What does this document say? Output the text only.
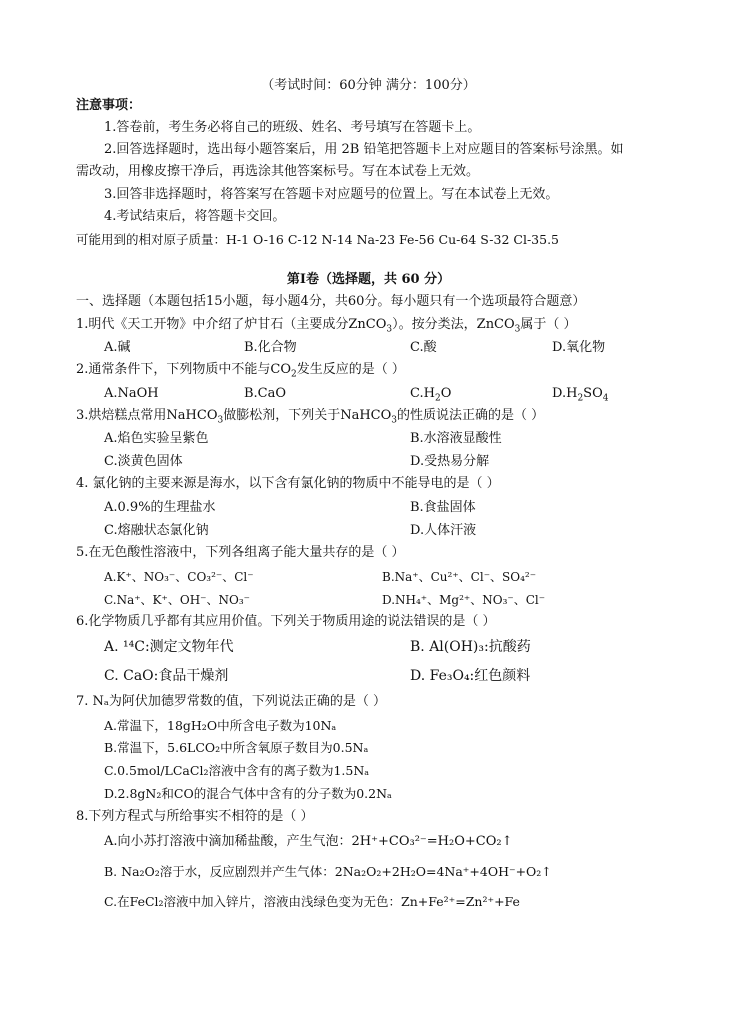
（考试时间：60分钟 满分：100分）
注意事项：
1.答卷前，考生务必将自己的班级、姓名、考号填写在答题卡上。
2.回答选择题时，选出每小题答案后，用 2B 铅笔把答题卡上对应题目的答案标号涂黑。如
需改动，用橡皮擦干净后，再选涂其他答案标号。写在本试卷上无效。
3.回答非选择题时，将答案写在答题卡对应题号的位置上。写在本试卷上无效。
4.考试结束后，将答题卡交回。
可能用到的相对原子质量：H-1 O-16 C-12 N-14 Na-23 Fe-56 Cu-64 S-32 Cl-35.5
第Ⅰ卷（选择题，共 60 分）
一、选择题（本题包括15小题，每小题4分，共60分。每小题只有一个选项最符合题意）
1.明代《天工开物》中介绍了炉甘石（主要成分ZnCO$_3$）。按分类法，ZnCO$_3$属于（ ）
A.碱	B.化合物	C.酸	D.氧化物
2.通常条件下，下列物质中不能与$CO_2$发生反应的是（ ）
A.NaOH	B.CaO	$C.H_2O$	$D.H_2SO_4$
3.烘焙糕点常用NaHCO$_3$做膨松剂，下列关于NaHCO$_3$的性质说法正确的是（ ）
A.焰色实验呈紫色	B.水溶液显酸性
C.淡黄色固体	D.受热易分解
4. 氯化钠的主要来源是海水，以下含有氯化钠的物质中不能导电的是（ ）
A.0.9%的生理盐水	B.食盐固体
C.熔融状态氯化钠	D.人体汗液
5.在无色酸性溶液中，下列各组离子能大量共存的是（ ）
A.K⁺、NO₃⁻、CO₃²⁻、Cl⁻	B.Na⁺、Cu²⁺、Cl⁻、SO₄²⁻
C.Na⁺、K⁺、OH⁻、NO₃⁻	D.NH₄⁺、Mg²⁺、NO₃⁻、Cl⁻
6.化学物质几乎都有其应用价值。下列关于物质用途的说法错误的是（ ）
A. ¹⁴C:测定文物年代	B. Al(OH)₃:抗酸药
C. CaO:食品干燥剂	D. Fe₃O₄:红色颜料
7. Nₐ为阿伏加德罗常数的值，下列说法正确的是（ ）
A.常温下，18gH₂O中所含电子数为10Nₐ
B.常温下，5.6LCO₂中所含氧原子数目为0.5Nₐ
C.0.5mol/LCaCl₂溶液中含有的离子数为1.5Nₐ
D.2.8gN₂和CO的混合气体中含有的分子数为0.2Nₐ
8.下列方程式与所给事实不相符的是（ ）
A.向小苏打溶液中滴加稀盐酸，产生气泡：2H⁺+CO₃²⁻=H₂O+CO₂↑
B. Na₂O₂溶于水，反应剧烈并产生气体：2Na₂O₂+2H₂O=4Na⁺+4OH⁻+O₂↑
C.在FeCl₂溶液中加入锌片，溶液由浅绿色变为无色：Zn+Fe²⁺=Zn²⁺+Fe
